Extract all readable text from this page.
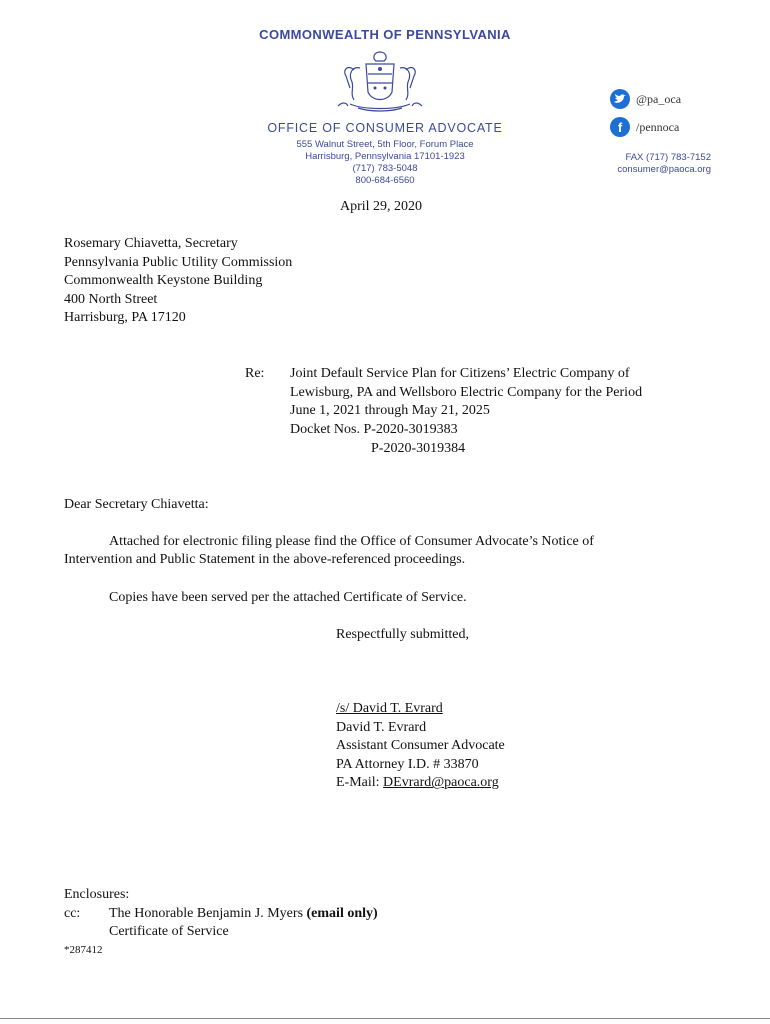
COMMONWEALTH OF PENNSYLVANIA
OFFICE OF CONSUMER ADVOCATE
555 Walnut Street, 5th Floor, Forum Place
Harrisburg, Pennsylvania 17101-1923
(717) 783-5048
800-684-6560
@pa_oca
f	/pennoca
FAX (717) 783-7152
consumer@paoca.org
April 29, 2020
Rosemary Chiavetta, Secretary
Pennsylvania Public Utility Commission
Commonwealth Keystone Building
400 North Street
Harrisburg, PA 17120
Re: Joint Default Service Plan for Citizens’ Electric Company of
Lewisburg, PA and Wellsboro Electric Company for the Period
June 1, 2021 through May 21, 2025
Docket Nos. P-2020-3019383
P-2020-3019384
Dear Secretary Chiavetta:
Attached for electronic filing please find the Office of Consumer Advocate’s Notice of
Intervention and Public Statement in the above-referenced proceedings.
Copies have been served per the attached Certificate of Service.
Respectfully submitted,
/s/ David T. Evrard
David T. Evrard
Assistant Consumer Advocate
PA Attorney I.D. # 33870
E-Mail: DEvrard@paoca.org
Enclosures:
cc: The Honorable Benjamin J. Myers (email only)
Certificate of Service
*287412
